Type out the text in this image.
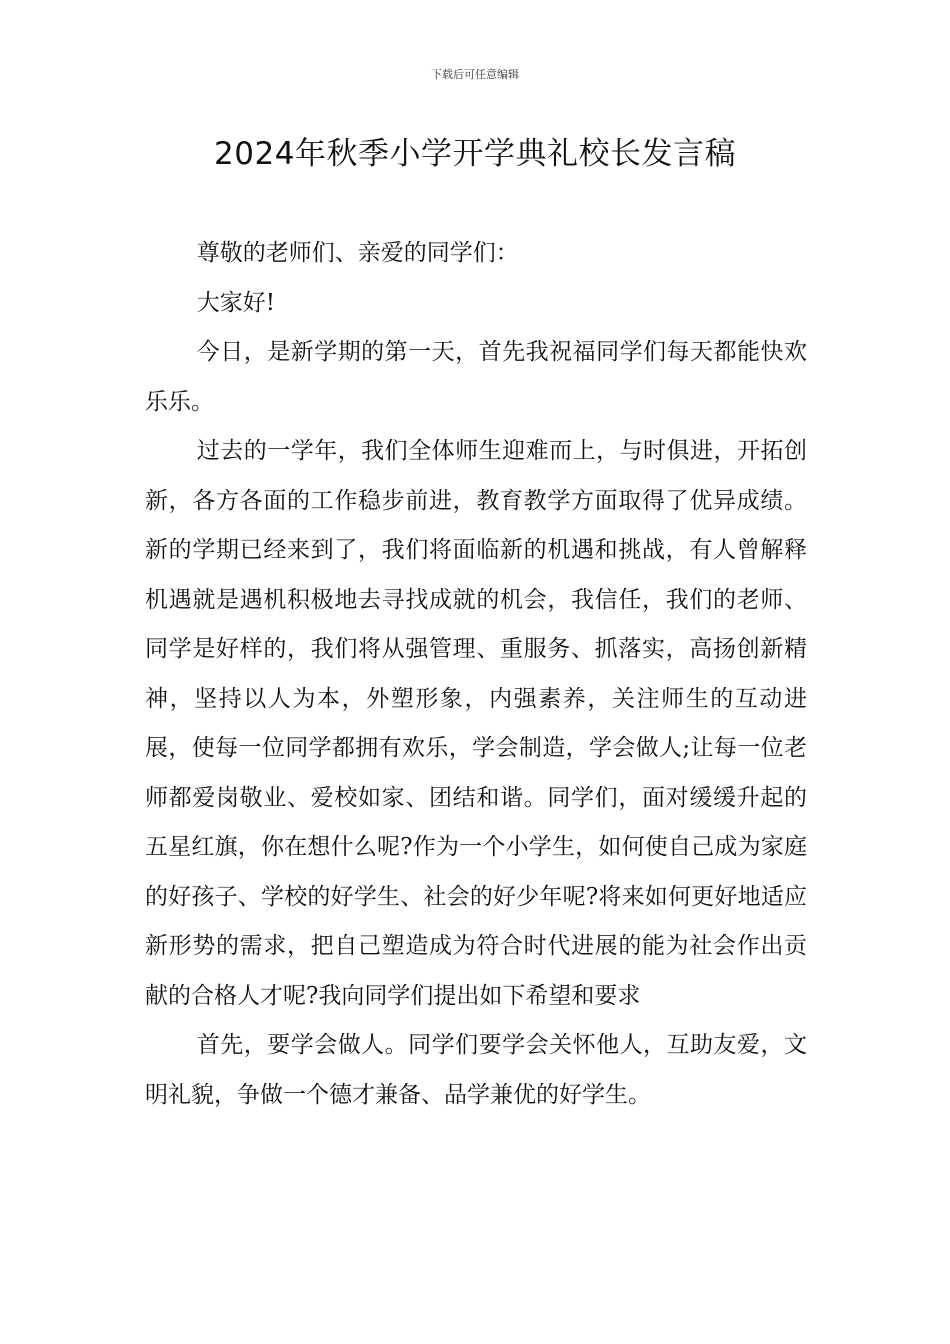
下载后可任意编辑
2024年秋季小学开学典礼校长发言稿

尊敬的老师们、亲爱的同学们：

大家好!

今日，是新学期的第一天，首先我祝福同学们每天都能快欢乐乐。

过去的一学年，我们全体师生迎难而上，与时俱进，开拓创新，各方各面的工作稳步前进，教育教学方面取得了优异成绩。新的学期已经来到了，我们将面临新的机遇和挑战，有人曾解释机遇就是遇机积极地去寻找成就的机会，我信任，我们的老师、同学是好样的，我们将从强管理、重服务、抓落实，高扬创新精神，坚持以人为本，外塑形象，内强素养，关注师生的互动进展，使每一位同学都拥有欢乐，学会制造，学会做人;让每一位老师都爱岗敬业、爱校如家、团结和谐。同学们，面对缓缓升起的五星红旗，你在想什么呢?作为一个小学生，如何使自己成为家庭的好孩子、学校的好学生、社会的好少年呢?将来如何更好地适应新形势的需求，把自己塑造成为符合时代进展的能为社会作出贡献的合格人才呢?我向同学们提出如下希望和要求

首先，要学会做人。同学们要学会关怀他人，互助友爱，文明礼貌，争做一个德才兼备、品学兼优的好学生。
